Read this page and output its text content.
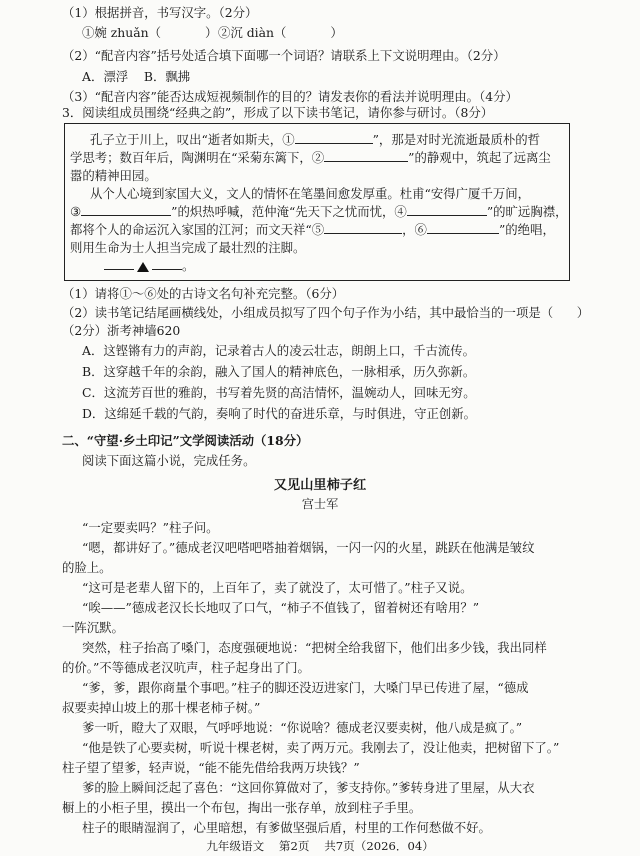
（1）根据拼音，书写汉字。（2分）
①婉 zhuǎn（	） ②沉 diàn（	）
（2）“配音内容”括号处适合填下面哪一个词语？请联系上下文说明理由。（2分）
A．漂浮    B．飘拂
（3）“配音内容”能否达成短视频制作的目的？请发表你的看法并说明理由。（4分）
3．阅读组成员围绕“经典之韵”，形成了以下读书笔记，请你参与研讨。（8分）
孔子立于川上，叹出“逝者如斯夫，①	”，那是对时光流逝最质朴的哲
学思考；数百年后，陶渊明在“采菊东篱下，②	”的静观中，筑起了远离尘
嚣的精神田园。
从个人心境到家国大义，文人的情怀在笔墨间愈发厚重。杜甫“安得广厦千万间，
③	”的炽热呼喊，范仲淹“先天下之忧而忧，④	”的旷远胸襟，
都将个人的命运沉入家国的江河；而文天祥“⑤	，⑥	”的绝唱，
则用生命为士人担当完成了最壮烈的注脚。
。
（1）请将①～⑥处的古诗文名句补充完整。（6分）
（2）读书笔记结尾画横线处，小组成员拟写了四个句子作为小结，其中最恰当的一项是（      ）
（2分）浙考神墙620
A．这铿锵有力的声韵，记录着古人的凌云壮志，朗朗上口，千古流传。
B．这穿越千年的余韵，融入了国人的精神底色，一脉相承，历久弥新。
C．这流芳百世的雅韵，书写着先贤的高洁情怀，温婉动人，回味无穷。
D．这绵延千载的气韵，奏响了时代的奋进乐章，与时俱进，守正创新。
二、“守望·乡土印记”文学阅读活动（18分）
阅读下面这篇小说，完成任务。
又见山里柿子红
宫士军
“一定要卖吗？”柱子问。
“嗯，都讲好了。”德成老汉吧嗒吧嗒抽着烟锅，一闪一闪的火星，跳跃在他满是皱纹
的脸上。
“这可是老辈人留下的，上百年了，卖了就没了，太可惜了。”柱子又说。
“唉——”德成老汉长长地叹了口气，“柿子不值钱了，留着树还有啥用？”
一阵沉默。
突然，柱子抬高了嗓门，态度强硬地说：“把树全给我留下，他们出多少钱，我出同样
的价。”不等德成老汉吭声，柱子起身出了门。
“爹，爹，跟你商量个事吧。”柱子的脚还没迈进家门，大嗓门早已传进了屋，“德成
叔要卖掉山坡上的那十棵老柿子树。”
爹一听，瞪大了双眼，气呼呼地说：“你说啥？德成老汉要卖树，他八成是疯了。”
“他是铁了心要卖树，听说十棵老树，卖了两万元。我刚去了，没让他卖，把树留下了。”
柱子望了望爹，轻声说，“能不能先借给我两万块钱？”
爹的脸上瞬间泛起了喜色：“这回你算做对了，爹支持你。”爹转身进了里屋，从大衣
橱上的小柜子里，摸出一个布包，掏出一张存单，放到柱子手里。
九年级语文    第2页    共7页（2026．04）
柱子的眼睛湿润了，心里暗想，有爹做坚强后盾，村里的工作何愁做不好。
